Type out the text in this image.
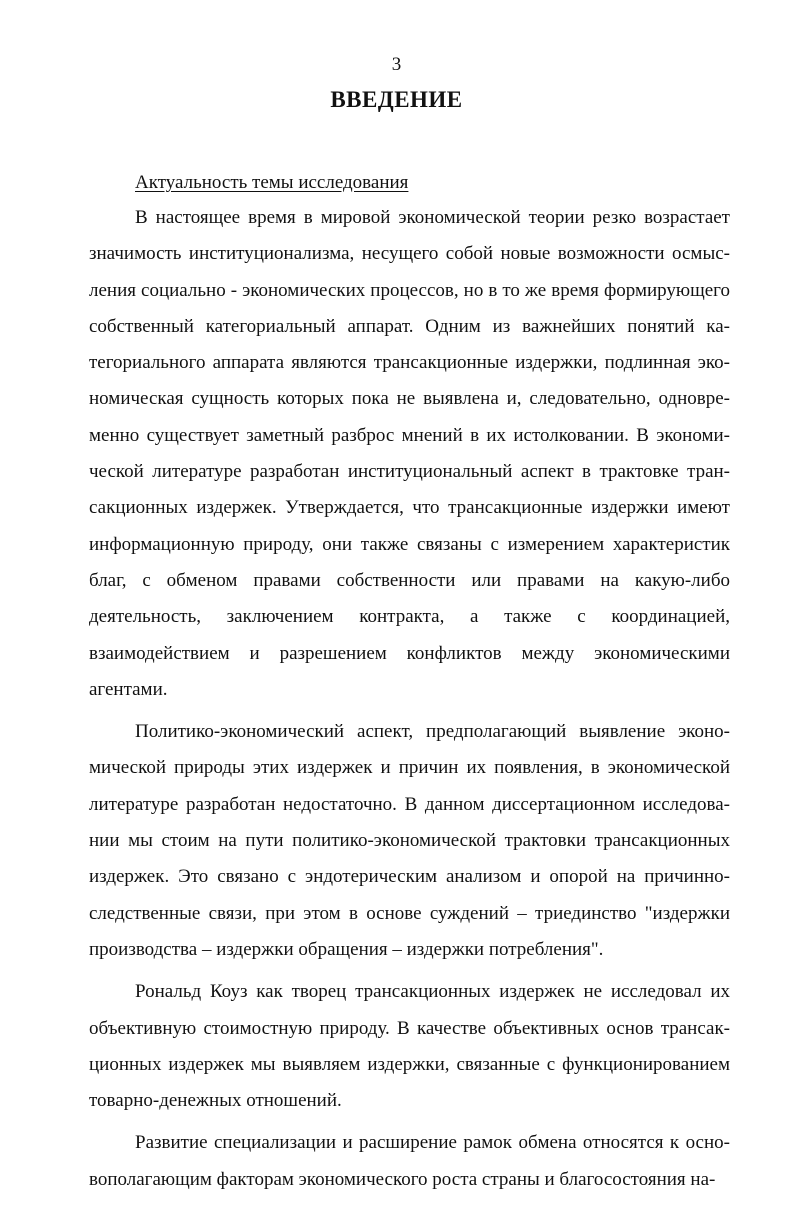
3
ВВЕДЕНИЕ
Актуальность темы исследования

В настоящее время в мировой экономической теории резко возрастает значимость институционализма, несущего собой новые возможности осмысления социально - экономических процессов, но в то же время формирующего собственный категориальный аппарат. Одним из важнейших понятий категориального аппарата являются трансакционные издержки, подлинная экономическая сущность которых пока не выявлена и, следовательно, одновременно существует заметный разброс мнений в их истолковании. В экономической литературе разработан институциональный аспект в трактовке трансакционных издержек. Утверждается, что трансакционные издержки имеют информационную природу, они также связаны с измерением характеристик благ, с обменом правами собственности или правами на какую-либо деятельность, заключением контракта, а также с координацией, взаимодействием и разрешением конфликтов между экономическими агентами.

Политико-экономический аспект, предполагающий выявление экономической природы этих издержек и причин их появления, в экономической литературе разработан недостаточно. В данном диссертационном исследовании мы стоим на пути политико-экономической трактовки трансакционных издержек. Это связано с эндотерическим анализом и опорой на причинноследственные связи, при этом в основе суждений – триединство "издержки производства – издержки обращения – издержки потребления".

Рональд Коуз как творец трансакционных издержек не исследовал их объективную стоимостную природу. В качестве объективных основ трансакционных издержек мы выявляем издержки, связанные с функционированием товарно-денежных отношений.

Развитие специализации и расширение рамок обмена относятся к основополагающим факторам экономического роста страны и благосостояния на-
